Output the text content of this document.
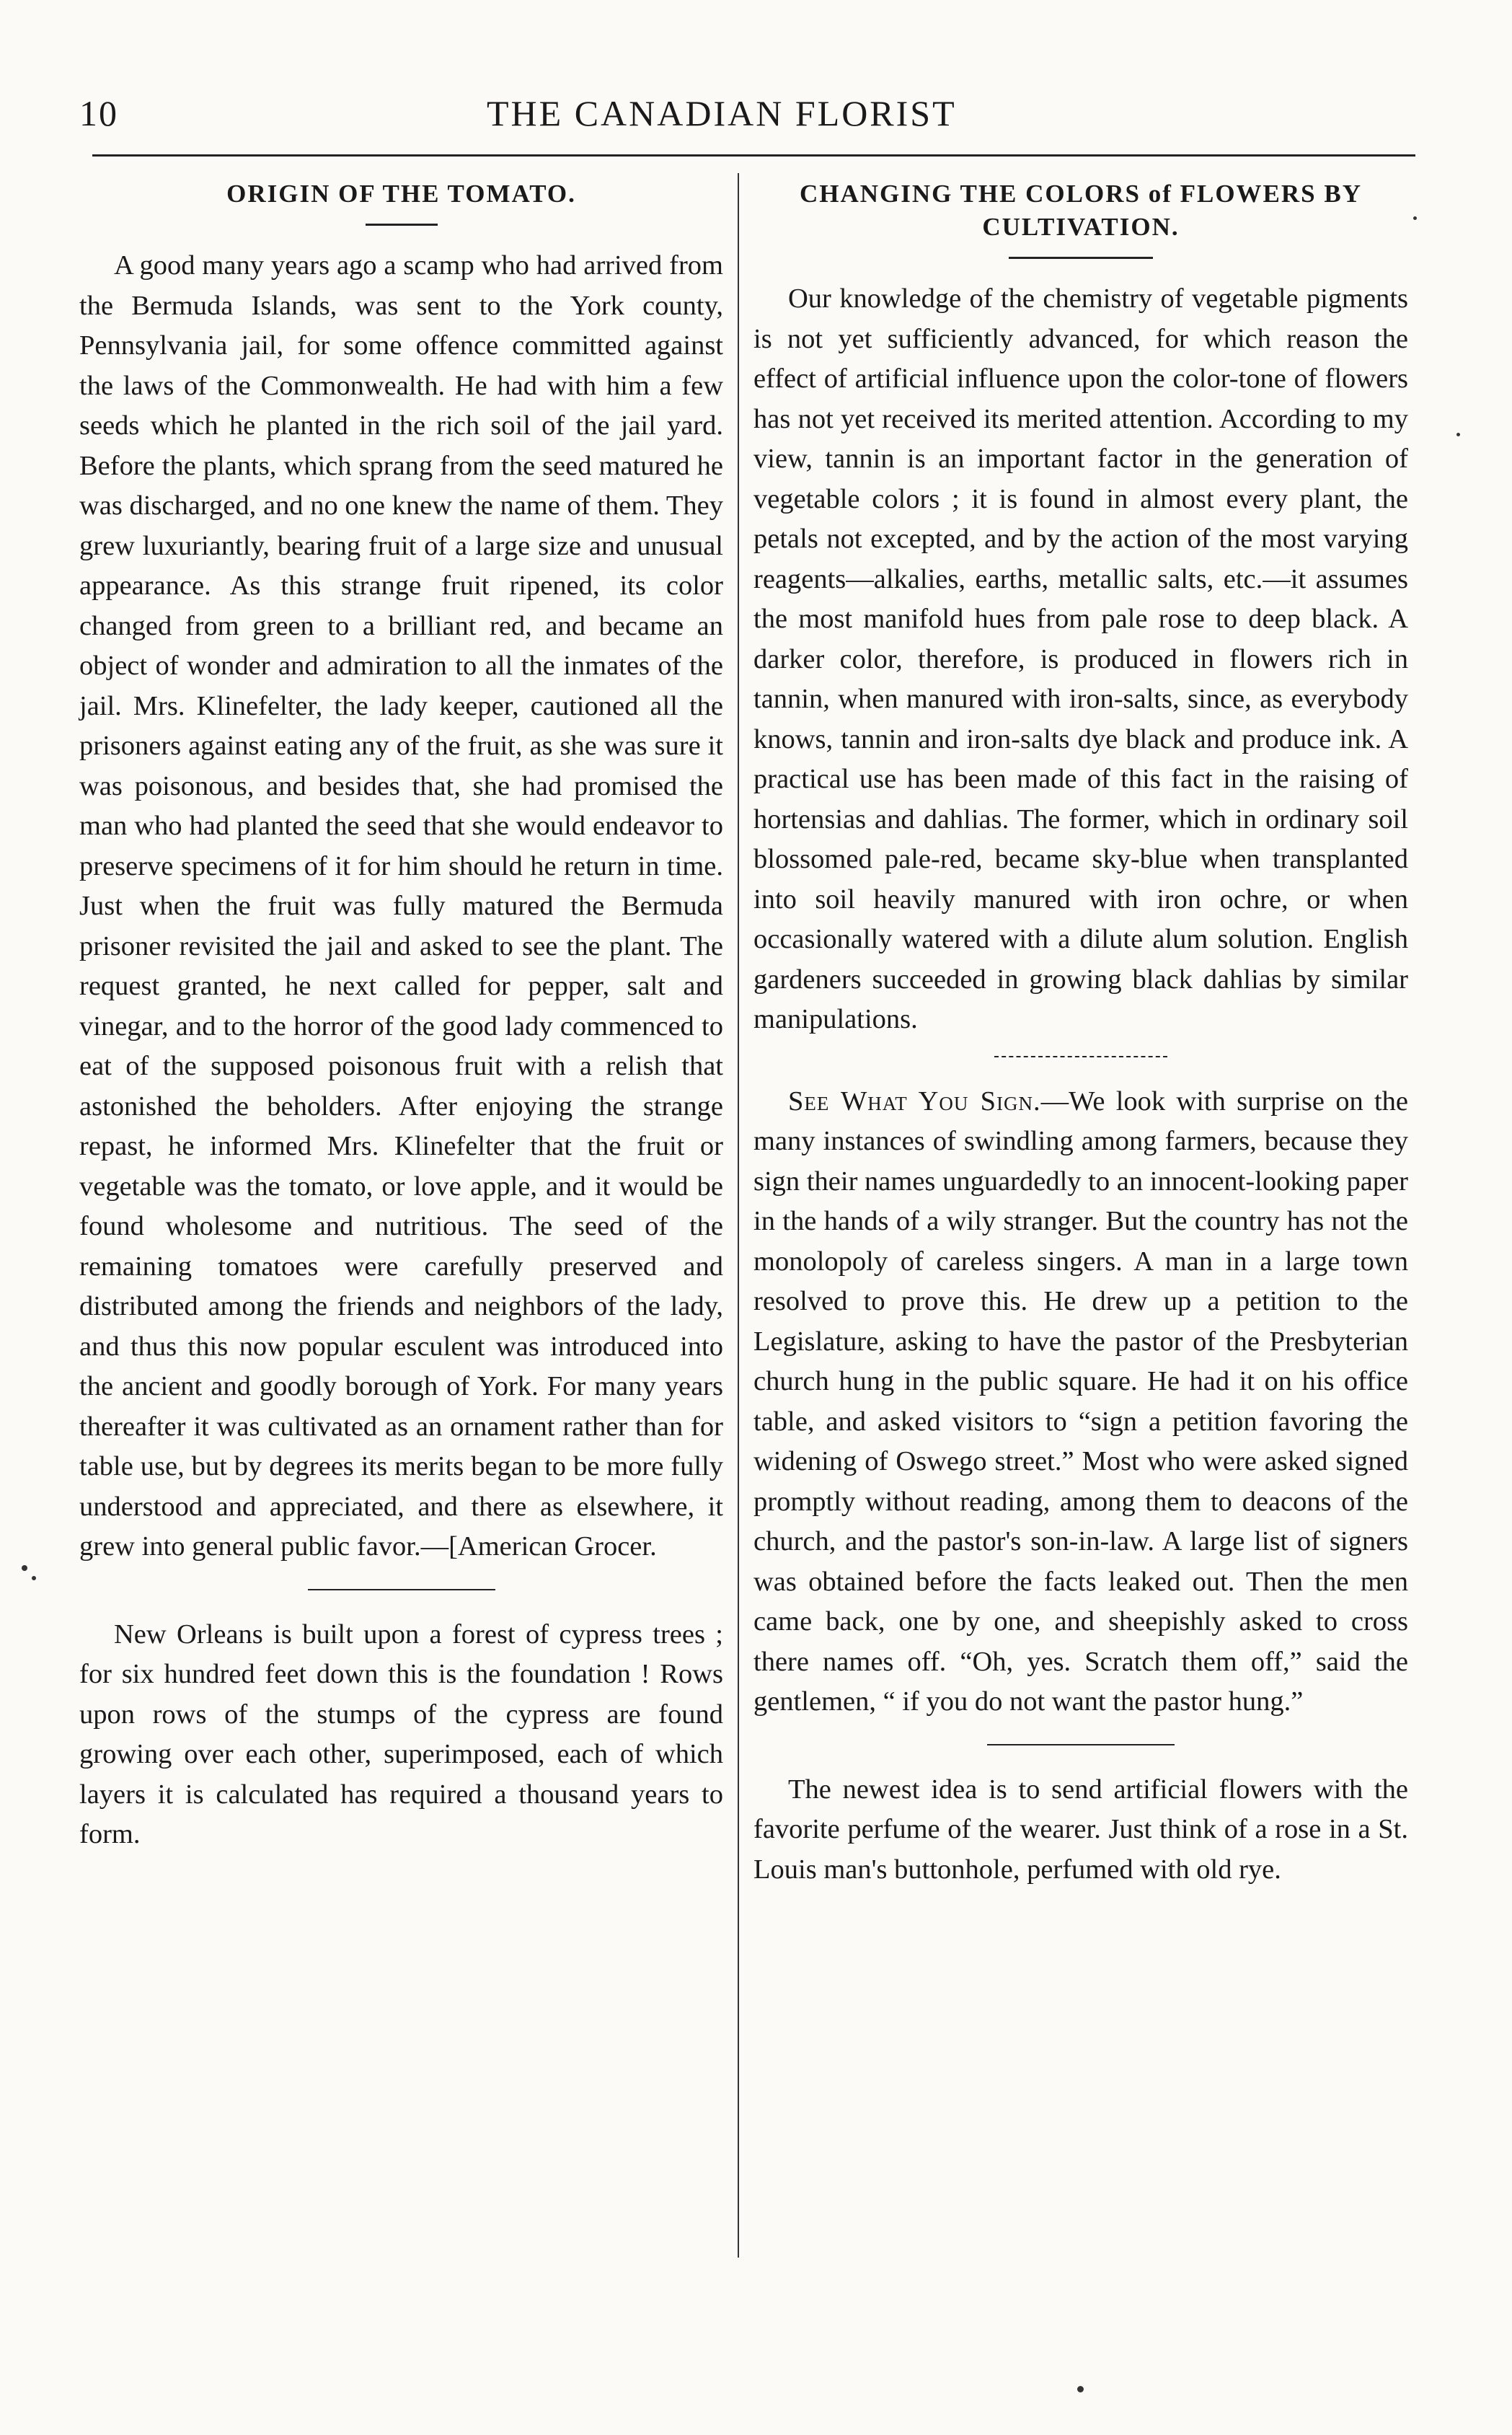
10	THE CANADIAN FLORIST
ORIGIN OF THE TOMATO.

A good many years ago a scamp who had arrived from the Bermuda Islands, was sent to the York county, Pennsylvania jail, for some offence committed against the laws of the Commonwealth. He had with him a few seeds which he planted in the rich soil of the jail yard. Before the plants, which sprang from the seed matured he was discharged, and no one knew the name of them. They grew luxuriantly, bearing fruit of a large size and unusual appearance. As this strange fruit ripened, its color changed from green to a brilliant red, and became an object of wonder and admiration to all the inmates of the jail. Mrs. Klinefelter, the lady keeper, cautioned all the prisoners against eating any of the fruit, as she was sure it was poisonous, and besides that, she had promised the man who had planted the seed that she would endeavor to preserve specimens of it for him should he return in time. Just when the fruit was fully matured the Bermuda prisoner revisited the jail and asked to see the plant. The request granted, he next called for pepper, salt and vinegar, and to the horror of the good lady commenced to eat of the supposed poisonous fruit with a relish that astonished the beholders. After enjoying the strange repast, he informed Mrs. Klinefelter that the fruit or vegetable was the tomato, or love apple, and it would be found wholesome and nutritious. The seed of the remaining tomatoes were carefully preserved and distributed among the friends and neighbors of the lady, and thus this now popular esculent was introduced into the ancient and goodly borough of York. For many years thereafter it was cultivated as an ornament rather than for table use, but by degrees its merits began to be more fully understood and appreciated, and there as elsewhere, it grew into general public favor.—[American Grocer.

New Orleans is built upon a forest of cypress trees ; for six hundred feet down this is the foundation ! Rows upon rows of the stumps of the cypress are found growing over each other, superimposed, each of which layers it is calculated has required a thousand years to form.

CHANGING THE COLORS of FLOWERS BY CULTIVATION.

Our knowledge of the chemistry of vegetable pigments is not yet sufficiently advanced, for which reason the effect of artificial influence upon the color-tone of flowers has not yet received its merited attention. According to my view, tannin is an important factor in the generation of vegetable colors ; it is found in almost every plant, the petals not excepted, and by the action of the most varying reagents—alkalies, earths, metallic salts, etc.—it assumes the most manifold hues from pale rose to deep black. A darker color, therefore, is produced in flowers rich in tannin, when manured with iron-salts, since, as everybody knows, tannin and iron-salts dye black and produce ink. A practical use has been made of this fact in the raising of hortensias and dahlias. The former, which in ordinary soil blossomed pale-red, became sky-blue when transplanted into soil heavily manured with iron ochre, or when occasionally watered with a dilute alum solution. English gardeners succeeded in growing black dahlias by similar manipulations.

See What You Sign.—We look with surprise on the many instances of swindling among farmers, because they sign their names unguardedly to an innocent-looking paper in the hands of a wily stranger. But the country has not the monolopoly of careless singers. A man in a large town resolved to prove this. He drew up a petition to the Legislature, asking to have the pastor of the Presbyterian church hung in the public square. He had it on his office table, and asked visitors to “sign a petition favoring the widening of Oswego street.” Most who were asked signed promptly without reading, among them to deacons of the church, and the pastor's son-in-law. A large list of signers was obtained before the facts leaked out. Then the men came back, one by one, and sheepishly asked to cross there names off. “Oh, yes. Scratch them off,” said the gentlemen, “ if you do not want the pastor hung.”

The newest idea is to send artificial flowers with the favorite perfume of the wearer. Just think of a rose in a St. Louis man's buttonhole, perfumed with old rye.
